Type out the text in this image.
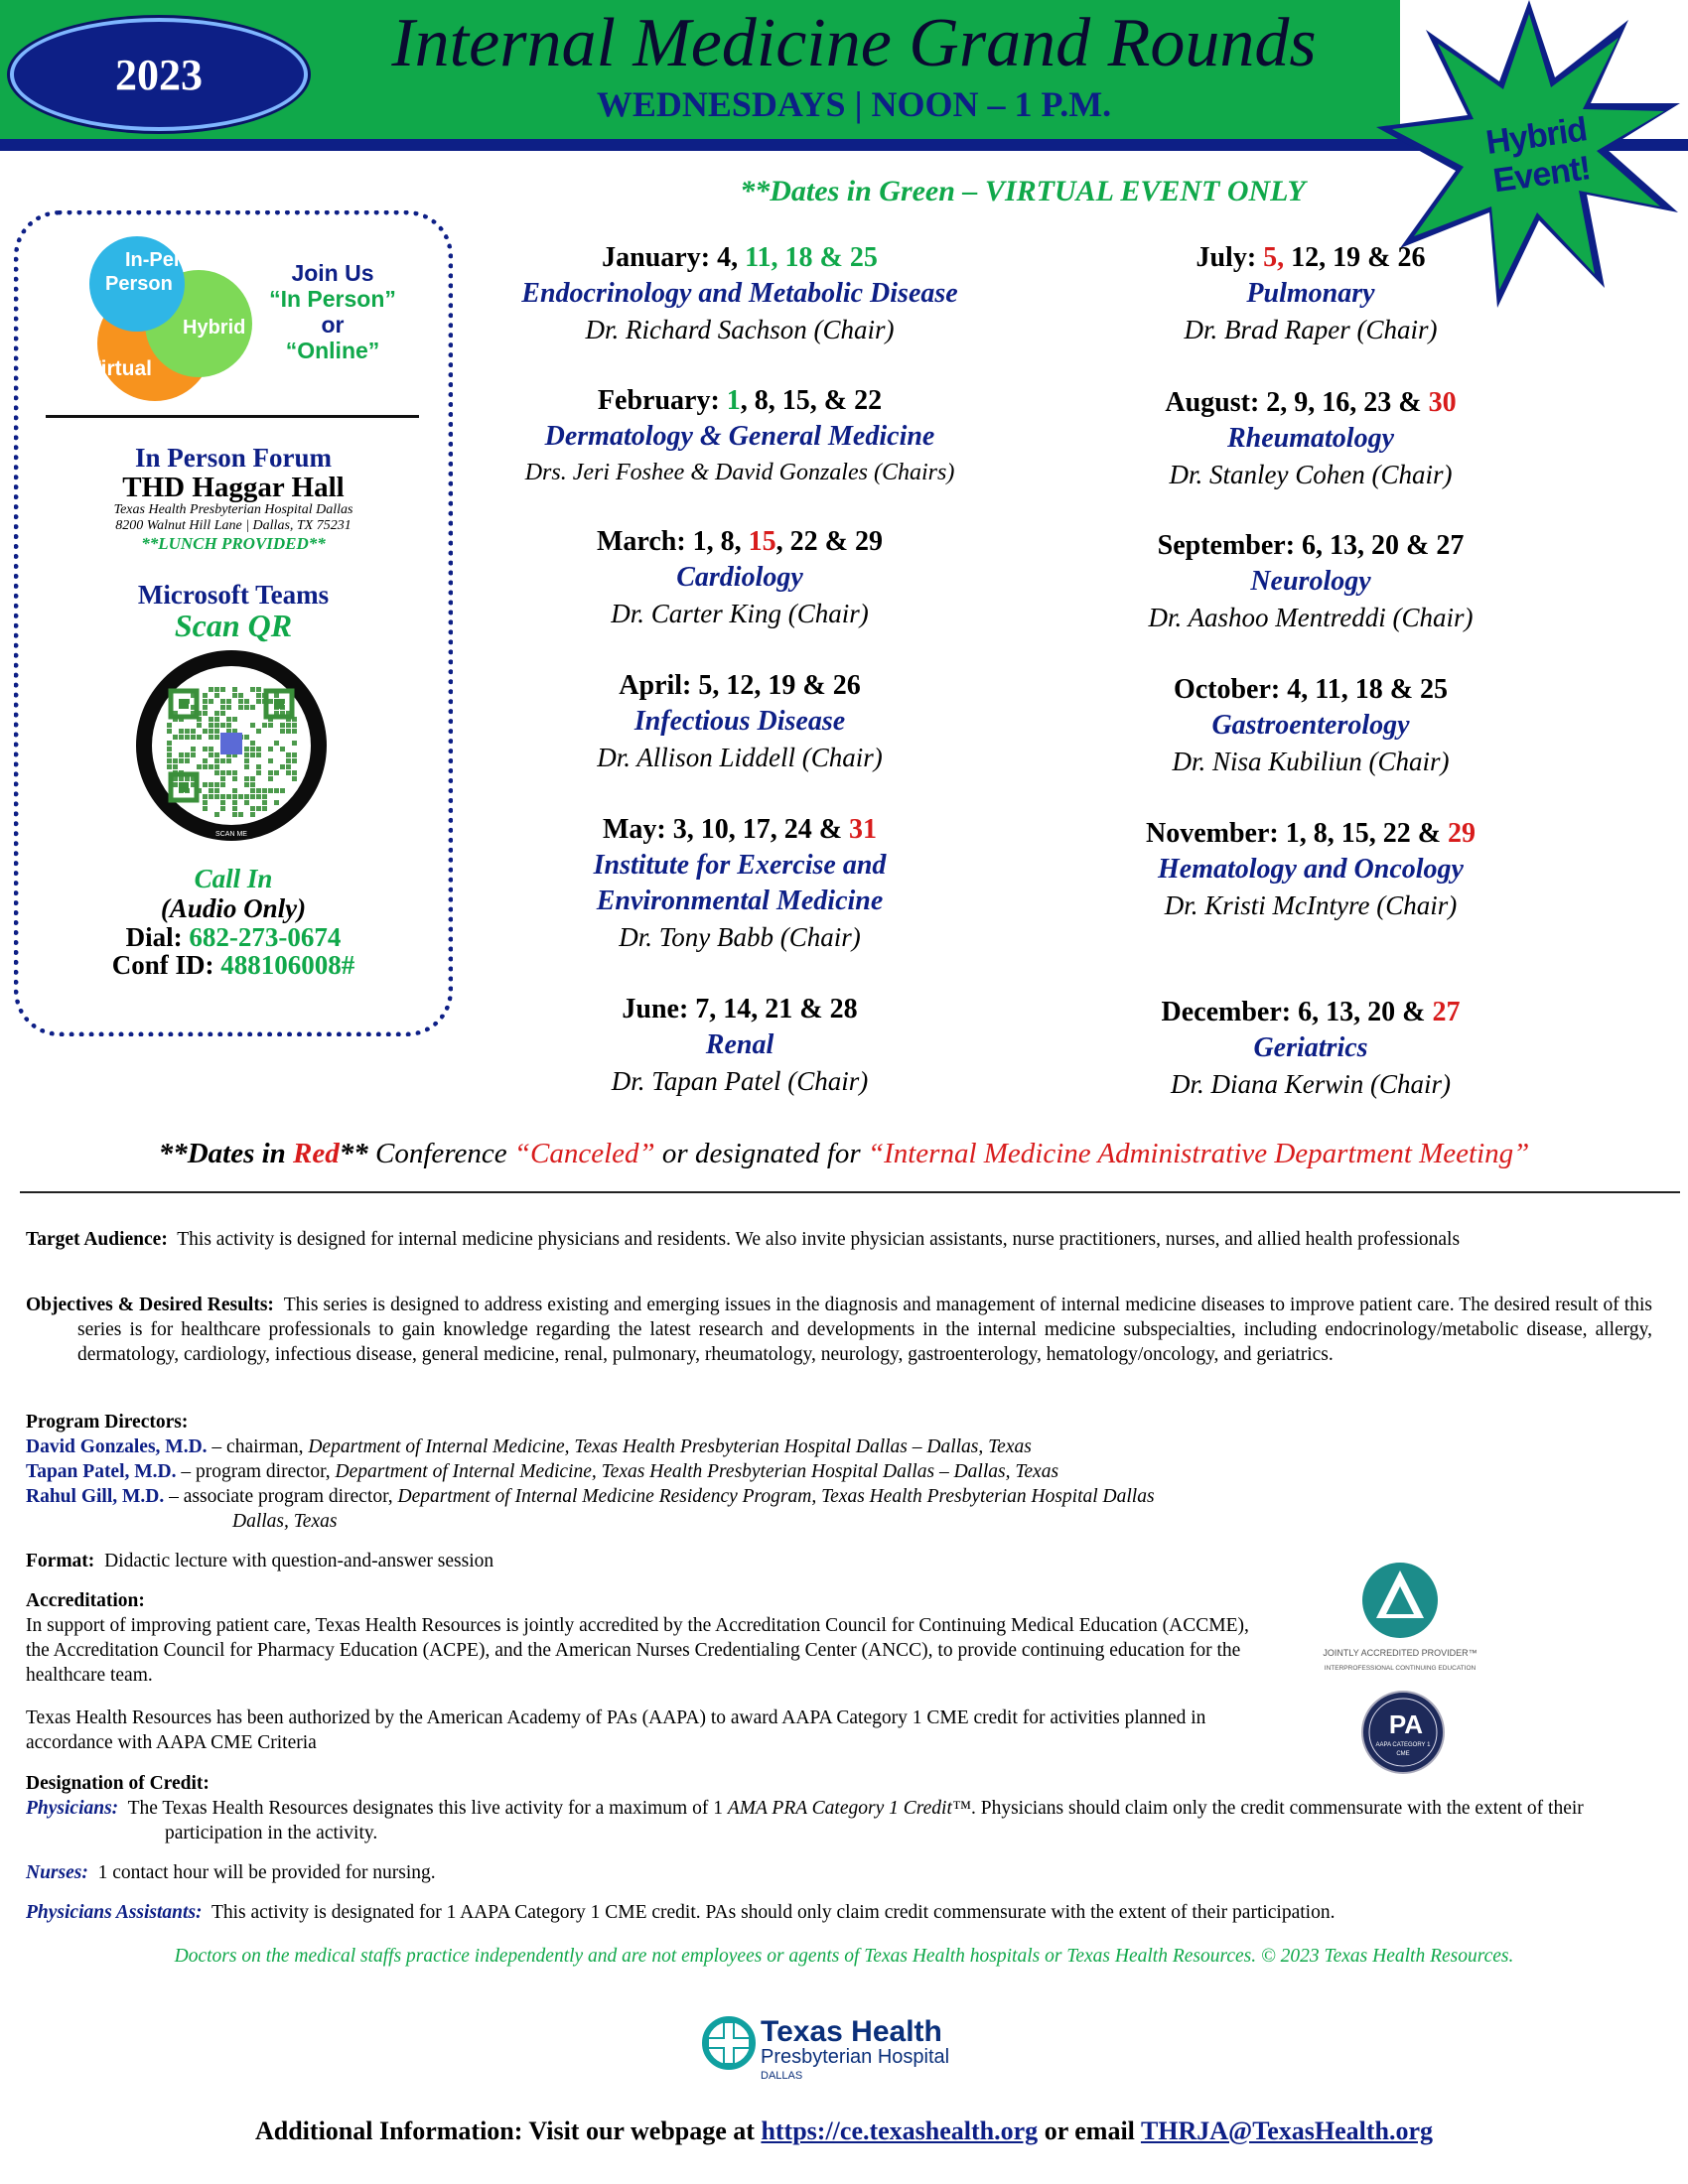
2023	Internal Medicine Grand Rounds
WEDNESDAYS | NOON – 1 P.M.
Hybrid Event!
**Dates in Green – VIRTUAL EVENT ONLY
In-Person
Person
Hybrid
Virtual
Join Us
“In Person”
or
“Online”
In Person Forum
THD Haggar Hall
Texas Health Presbyterian Hospital Dallas
8200 Walnut Hill Lane | Dallas, TX 75231
**LUNCH PROVIDED**
Microsoft Teams
Scan QR
SCAN ME
Call In
(Audio Only)
Dial: 682-273-0674
Conf ID: 488106008#
January: 4, 11, 18 & 25
Endocrinology and Metabolic Disease
Dr. Richard Sachson (Chair)
February: 1, 8, 15, & 22
Dermatology & General Medicine
Drs. Jeri Foshee & David Gonzales (Chairs)
March: 1, 8, 15, 22 & 29
Cardiology
Dr. Carter King (Chair)
April: 5, 12, 19 & 26
Infectious Disease
Dr. Allison Liddell (Chair)
May: 3, 10, 17, 24 & 31
Institute for Exercise and
Environmental Medicine
Dr. Tony Babb (Chair)
June: 7, 14, 21 & 28
Renal
Dr. Tapan Patel (Chair)
July: 5, 12, 19 & 26
Pulmonary
Dr. Brad Raper (Chair)
August: 2, 9, 16, 23 & 30
Rheumatology
Dr. Stanley Cohen (Chair)
September: 6, 13, 20 & 27
Neurology
Dr. Aashoo Mentreddi (Chair)
October: 4, 11, 18 & 25
Gastroenterology
Dr. Nisa Kubiliun (Chair)
November: 1, 8, 15, 22 & 29
Hematology and Oncology
Dr. Kristi McIntyre (Chair)
December: 6, 13, 20 & 27
Geriatrics
Dr. Diana Kerwin (Chair)
**Dates in Red** Conference “Canceled” or designated for “Internal Medicine Administrative Department Meeting”
Target Audience: This activity is designed for internal medicine physicians and residents. We also invite physician assistants, nurse practitioners, nurses, and allied health professionals
Objectives & Desired Results: This series is designed to address existing and emerging issues in the diagnosis and management of internal medicine diseases to improve patient care. The desired result of this series is for healthcare professionals to gain knowledge regarding the latest research and developments in the internal medicine subspecialties, including endocrinology/metabolic disease, allergy, dermatology, cardiology, infectious disease, general medicine, renal, pulmonary, rheumatology, neurology, gastroenterology, hematology/oncology, and geriatrics.
Program Directors:
David Gonzales, M.D. – chairman, Department of Internal Medicine, Texas Health Presbyterian Hospital Dallas – Dallas, Texas
Tapan Patel, M.D. – program director, Department of Internal Medicine, Texas Health Presbyterian Hospital Dallas – Dallas, Texas
Rahul Gill, M.D. – associate program director, Department of Internal Medicine Residency Program, Texas Health Presbyterian Hospital Dallas
Dallas, Texas
Format: Didactic lecture with question-and-answer session
Accreditation:
In support of improving patient care, Texas Health Resources is jointly accredited by the Accreditation Council for Continuing Medical Education (ACCME), the Accreditation Council for Pharmacy Education (ACPE), and the American Nurses Credentialing Center (ANCC), to provide continuing education for the healthcare team.
Texas Health Resources has been authorized by the American Academy of PAs (AAPA) to award AAPA Category 1 CME credit for activities planned in accordance with AAPA CME Criteria
Designation of Credit:
Physicians: The Texas Health Resources designates this live activity for a maximum of 1 AMA PRA Category 1 Credit™. Physicians should claim only the credit commensurate with the extent of their participation in the activity.
Nurses: 1 contact hour will be provided for nursing.
Physicians Assistants: This activity is designated for 1 AAPA Category 1 CME credit. PAs should only claim credit commensurate with the extent of their participation.
Doctors on the medical staffs practice independently and are not employees or agents of Texas Health hospitals or Texas Health Resources. © 2023 Texas Health Resources.
JOINTLY ACCREDITED PROVIDER™
INTERPROFESSIONAL CONTINUING EDUCATION
PA
AAPA CATEGORY 1
CME
Texas Health
Presbyterian Hospital
DALLAS
Additional Information: Visit our webpage at https://ce.texashealth.org or email THRJA@TexasHealth.org
